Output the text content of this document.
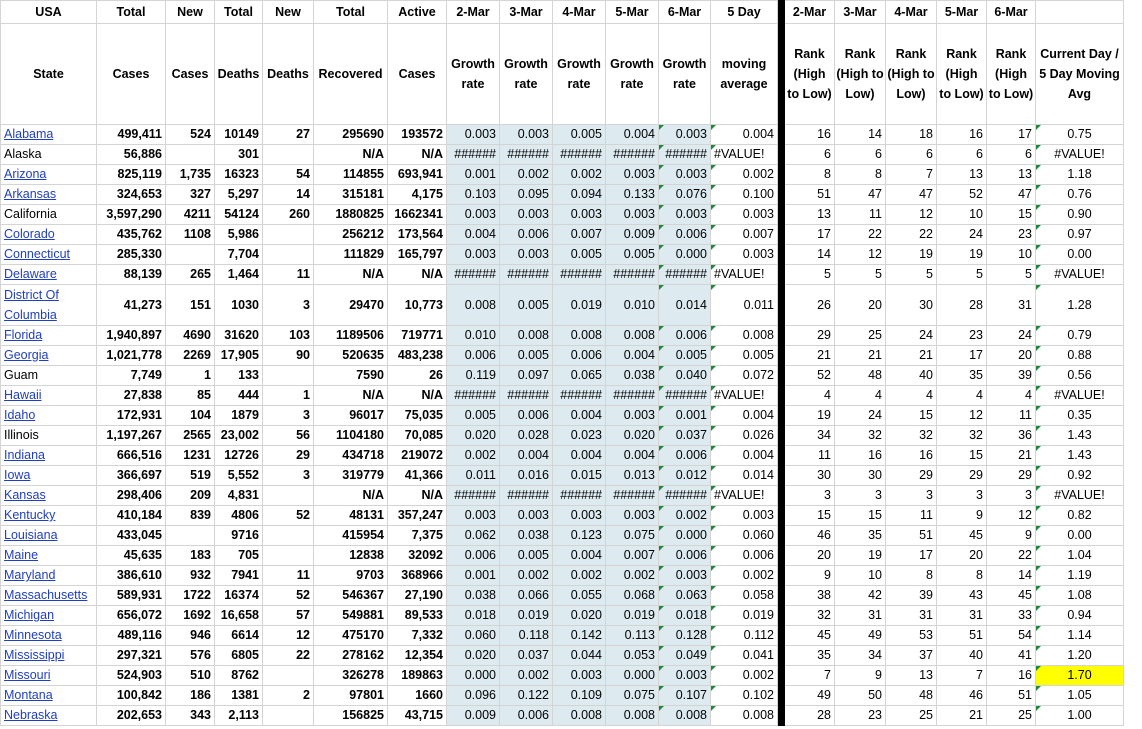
USA	Total	New	Total	New	Total	Active	2-Mar	3-Mar	4-Mar	5-Mar	6-Mar	5 Day		2-Mar	3-Mar	4-Mar	5-Mar	6-Mar	
State	Cases	Cases	Deaths	Deaths	Recovered	Cases	Growth rate	Growth rate	Growth rate	Growth rate	Growth rate	moving average		Rank (High to Low)	Rank (High to Low)	Rank (High to Low)	Rank (High to Low)	Rank (High to Low)	Current Day / 5 Day Moving Avg
Alabama	499,411	524	10149	27	295690	193572	0.003	0.003	0.005	0.004	0.003	0.004		16	14	18	16	17	0.75
Alaska	56,886		301		N/A	N/A	######	######	######	######	######	#VALUE!		6	6	6	6	6	#VALUE!
Arizona	825,119	1,735	16323	54	114855	693,941	0.001	0.002	0.002	0.003	0.003	0.002		8	8	7	13	13	1.18
Arkansas	324,653	327	5,297	14	315181	4,175	0.103	0.095	0.094	0.133	0.076	0.100		51	47	47	52	47	0.76
California	3,597,290	4211	54124	260	1880825	1662341	0.003	0.003	0.003	0.003	0.003	0.003		13	11	12	10	15	0.90
Colorado	435,762	1108	5,986		256212	173,564	0.004	0.006	0.007	0.009	0.006	0.007		17	22	22	24	23	0.97
Connecticut	285,330		7,704		111829	165,797	0.003	0.003	0.005	0.005	0.000	0.003		14	12	19	19	10	0.00
Delaware	88,139	265	1,464	11	N/A	N/A	######	######	######	######	######	#VALUE!		5	5	5	5	5	#VALUE!
District Of Columbia	41,273	151	1030	3	29470	10,773	0.008	0.005	0.019	0.010	0.014	0.011		26	20	30	28	31	1.28
Florida	1,940,897	4690	31620	103	1189506	719771	0.010	0.008	0.008	0.008	0.006	0.008		29	25	24	23	24	0.79
Georgia	1,021,778	2269	17,905	90	520635	483,238	0.006	0.005	0.006	0.004	0.005	0.005		21	21	21	17	20	0.88
Guam	7,749	1	133		7590	26	0.119	0.097	0.065	0.038	0.040	0.072		52	48	40	35	39	0.56
Hawaii	27,838	85	444	1	N/A	N/A	######	######	######	######	######	#VALUE!		4	4	4	4	4	#VALUE!
Idaho	172,931	104	1879	3	96017	75,035	0.005	0.006	0.004	0.003	0.001	0.004		19	24	15	12	11	0.35
Illinois	1,197,267	2565	23,002	56	1104180	70,085	0.020	0.028	0.023	0.020	0.037	0.026		34	32	32	32	36	1.43
Indiana	666,516	1231	12726	29	434718	219072	0.002	0.004	0.004	0.004	0.006	0.004		11	16	16	15	21	1.43
Iowa	366,697	519	5,552	3	319779	41,366	0.011	0.016	0.015	0.013	0.012	0.014		30	30	29	29	29	0.92
Kansas	298,406	209	4,831		N/A	N/A	######	######	######	######	######	#VALUE!		3	3	3	3	3	#VALUE!
Kentucky	410,184	839	4806	52	48131	357,247	0.003	0.003	0.003	0.003	0.002	0.003		15	15	11	9	12	0.82
Louisiana	433,045		9716		415954	7,375	0.062	0.038	0.123	0.075	0.000	0.060		46	35	51	45	9	0.00
Maine	45,635	183	705		12838	32092	0.006	0.005	0.004	0.007	0.006	0.006		20	19	17	20	22	1.04
Maryland	386,610	932	7941	11	9703	368966	0.001	0.002	0.002	0.002	0.003	0.002		9	10	8	8	14	1.19
Massachusetts	589,931	1722	16374	52	546367	27,190	0.038	0.066	0.055	0.068	0.063	0.058		38	42	39	43	45	1.08
Michigan	656,072	1692	16,658	57	549881	89,533	0.018	0.019	0.020	0.019	0.018	0.019		32	31	31	31	33	0.94
Minnesota	489,116	946	6614	12	475170	7,332	0.060	0.118	0.142	0.113	0.128	0.112		45	49	53	51	54	1.14
Mississippi	297,321	576	6805	22	278162	12,354	0.020	0.037	0.044	0.053	0.049	0.041		35	34	37	40	41	1.20
Missouri	524,903	510	8762		326278	189863	0.000	0.002	0.003	0.000	0.003	0.002		7	9	13	7	16	1.70
Montana	100,842	186	1381	2	97801	1660	0.096	0.122	0.109	0.075	0.107	0.102		49	50	48	46	51	1.05
Nebraska	202,653	343	2,113		156825	43,715	0.009	0.006	0.008	0.008	0.008	0.008		28	23	25	21	25	1.00
